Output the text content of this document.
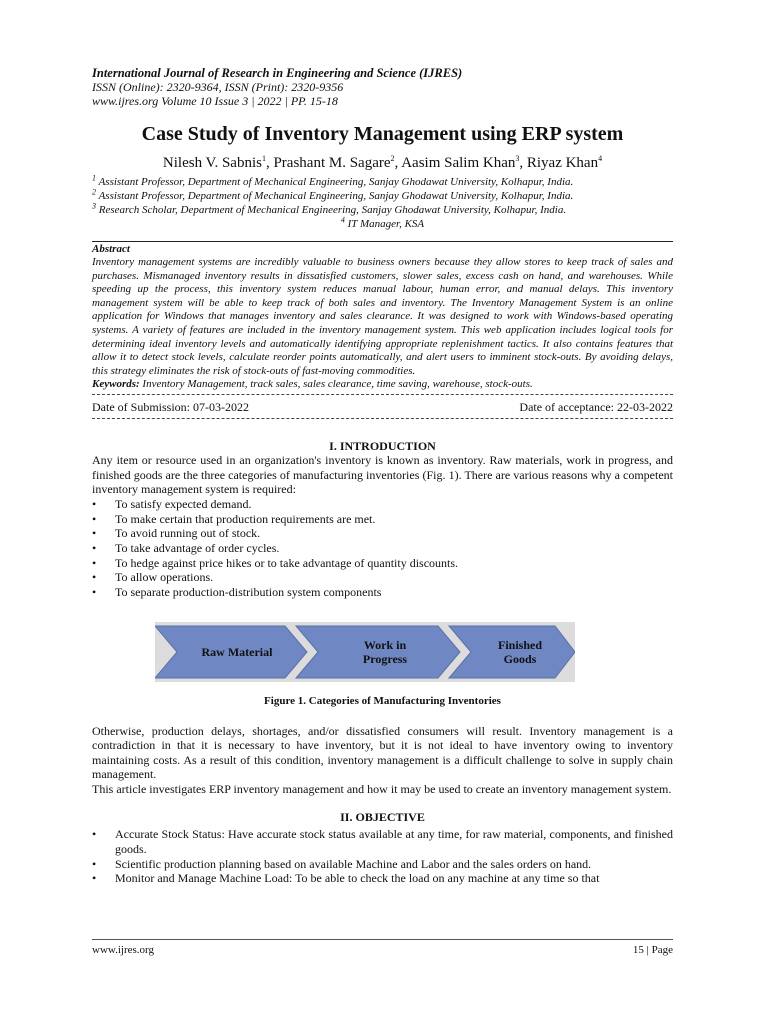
International Journal of Research in Engineering and Science (IJRES)
ISSN (Online): 2320-9364, ISSN (Print): 2320-9356
www.ijres.org Volume 10 Issue 3 | 2022 | PP. 15-18
Case Study of Inventory Management using ERP system
Nilesh V. Sabnis$^1$, Prashant M. Sagare$^2$, Aasim Salim Khan$^3$, Riyaz Khan$^4$
$^1$ Assistant Professor, Department of Mechanical Engineering, Sanjay Ghodawat University, Kolhapur, India.
$^2$ Assistant Professor, Department of Mechanical Engineering, Sanjay Ghodawat University, Kolhapur, India.
$^3$ Research Scholar, Department of Mechanical Engineering, Sanjay Ghodawat University, Kolhapur, India.
$^4$ IT Manager, KSA
Abstract
Inventory management systems are incredibly valuable to business owners because they allow stores to keep track of sales and purchases. Mismanaged inventory results in dissatisfied customers, slower sales, excess cash on hand, and warehouses. While speeding up the process, this inventory system reduces manual labour, human error, and manual delays. This inventory management system will be able to keep track of both sales and inventory. The Inventory Management System is an online application for Windows that manages inventory and sales clearance. It was designed to work with Windows-based operating systems. A variety of features are included in the inventory management system. This web application includes logical tools for determining ideal inventory levels and automatically identifying appropriate replenishment tactics. It also contains features that allow it to detect stock levels, calculate reorder points automatically, and alert users to imminent stock-outs. By avoiding delays, this strategy eliminates the risk of stock-outs of fast-moving commodities.
Keywords: Inventory Management, track sales, sales clearance, time saving, warehouse, stock-outs.
Date of Submission: 07-03-2022	Date of acceptance: 22-03-2022
I. INTRODUCTION
Any item or resource used in an organization's inventory is known as inventory. Raw materials, work in progress, and finished goods are the three categories of manufacturing inventories (Fig. 1). There are various reasons why a competent inventory management system is required:
• To satisfy expected demand.
• To make certain that production requirements are met.
• To avoid running out of stock.
• To take advantage of order cycles.
• To hedge against price hikes or to take advantage of quantity discounts.
• To allow operations.
• To separate production-distribution system components
Raw Material	Work in Progress
Finished Goods
Figure 1. Categories of Manufacturing Inventories
Otherwise, production delays, shortages, and/or dissatisfied consumers will result. Inventory management is a contradiction in that it is necessary to have inventory, but it is not ideal to have inventory owing to inventory maintaining costs. As a result of this condition, inventory management is a difficult challenge to solve in supply chain management.
This article investigates ERP inventory management and how it may be used to create an inventory management system.
II. OBJECTIVE
• Accurate Stock Status: Have accurate stock status available at any time, for raw material, components, and finished goods.
• Scientific production planning based on available Machine and Labor and the sales orders on hand.
• Monitor and Manage Machine Load: To be able to check the load on any machine at any time so that
www.ijres.org	15 | Page
